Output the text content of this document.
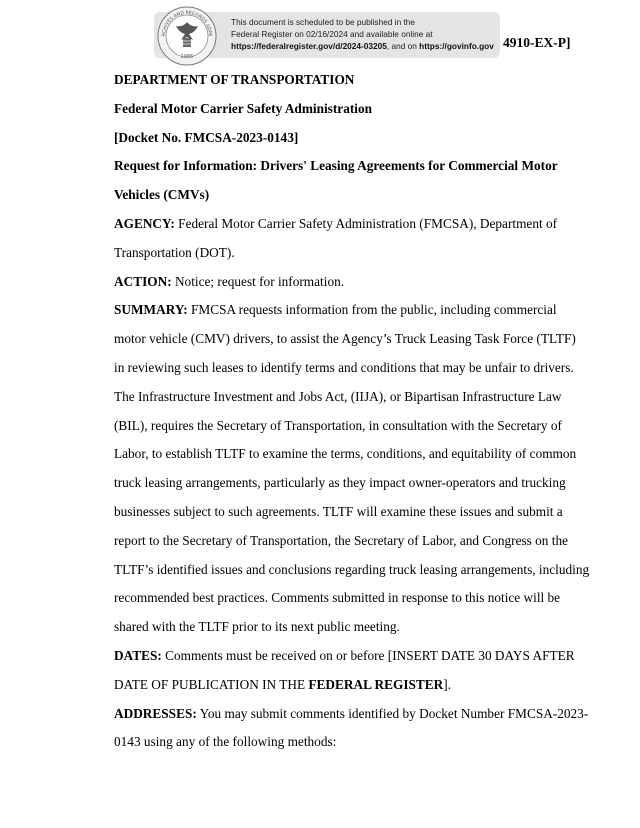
RCHIVES AND RECORDS ADMI
1985
This document is scheduled to be published in the
Federal Register on 02/16/2024 and available online at
https://federalregister.gov/d/2024-03205, and on https://govinfo.gov 4910-EX-P]

DEPARTMENT OF TRANSPORTATION

Federal Motor Carrier Safety Administration

[Docket No. FMCSA-2023-0143]

Request for Information: Drivers' Leasing Agreements for Commercial Motor

Vehicles (CMVs)

AGENCY: Federal Motor Carrier Safety Administration (FMCSA), Department of

Transportation (DOT).

ACTION: Notice; request for information.

SUMMARY: FMCSA requests information from the public, including commercial

motor vehicle (CMV) drivers, to assist the Agency’s Truck Leasing Task Force (TLTF)

in reviewing such leases to identify terms and conditions that may be unfair to drivers.

The Infrastructure Investment and Jobs Act, (IIJA), or Bipartisan Infrastructure Law

(BIL), requires the Secretary of Transportation, in consultation with the Secretary of

Labor, to establish TLTF to examine the terms, conditions, and equitability of common

truck leasing arrangements, particularly as they impact owner-operators and trucking

businesses subject to such agreements. TLTF will examine these issues and submit a

report to the Secretary of Transportation, the Secretary of Labor, and Congress on the

TLTF’s identified issues and conclusions regarding truck leasing arrangements, including

recommended best practices. Comments submitted in response to this notice will be

shared with the TLTF prior to its next public meeting.

DATES: Comments must be received on or before [INSERT DATE 30 DAYS AFTER

DATE OF PUBLICATION IN THE FEDERAL REGISTER].

ADDRESSES: You may submit comments identified by Docket Number FMCSA-2023-

0143 using any of the following methods:
